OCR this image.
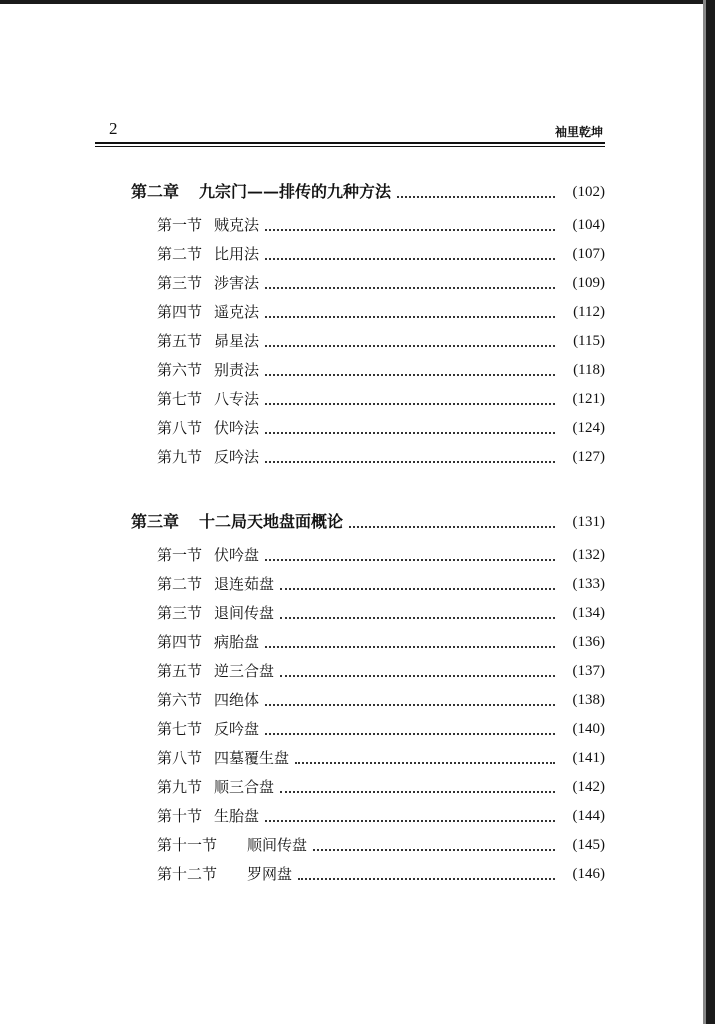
2	袖里乾坤
第二章	九宗门——排传的九种方法	(102)
第一节 贼克法	(104)
第二节 比用法	(107)
第三节 涉害法	(109)
第四节 遥克法	(112)
第五节 昴星法	(115)
第六节 别责法	(118)
第七节 八专法	(121)
第八节 伏吟法	(124)
第九节 反吟法	(127)
第三章	十二局天地盘面概论	(131)
第一节 伏吟盘	(132)
第二节 退连茹盘	(133)
第三节 退间传盘	(134)
第四节 病胎盘	(136)
第五节 逆三合盘	(137)
第六节 四绝体	(138)
第七节 反吟盘	(140)
第八节 四墓覆生盘	(141)
第九节 顺三合盘	(142)
第十节 生胎盘	(144)
第十一节	顺间传盘	(145)
第十二节	罗网盘	(146)
